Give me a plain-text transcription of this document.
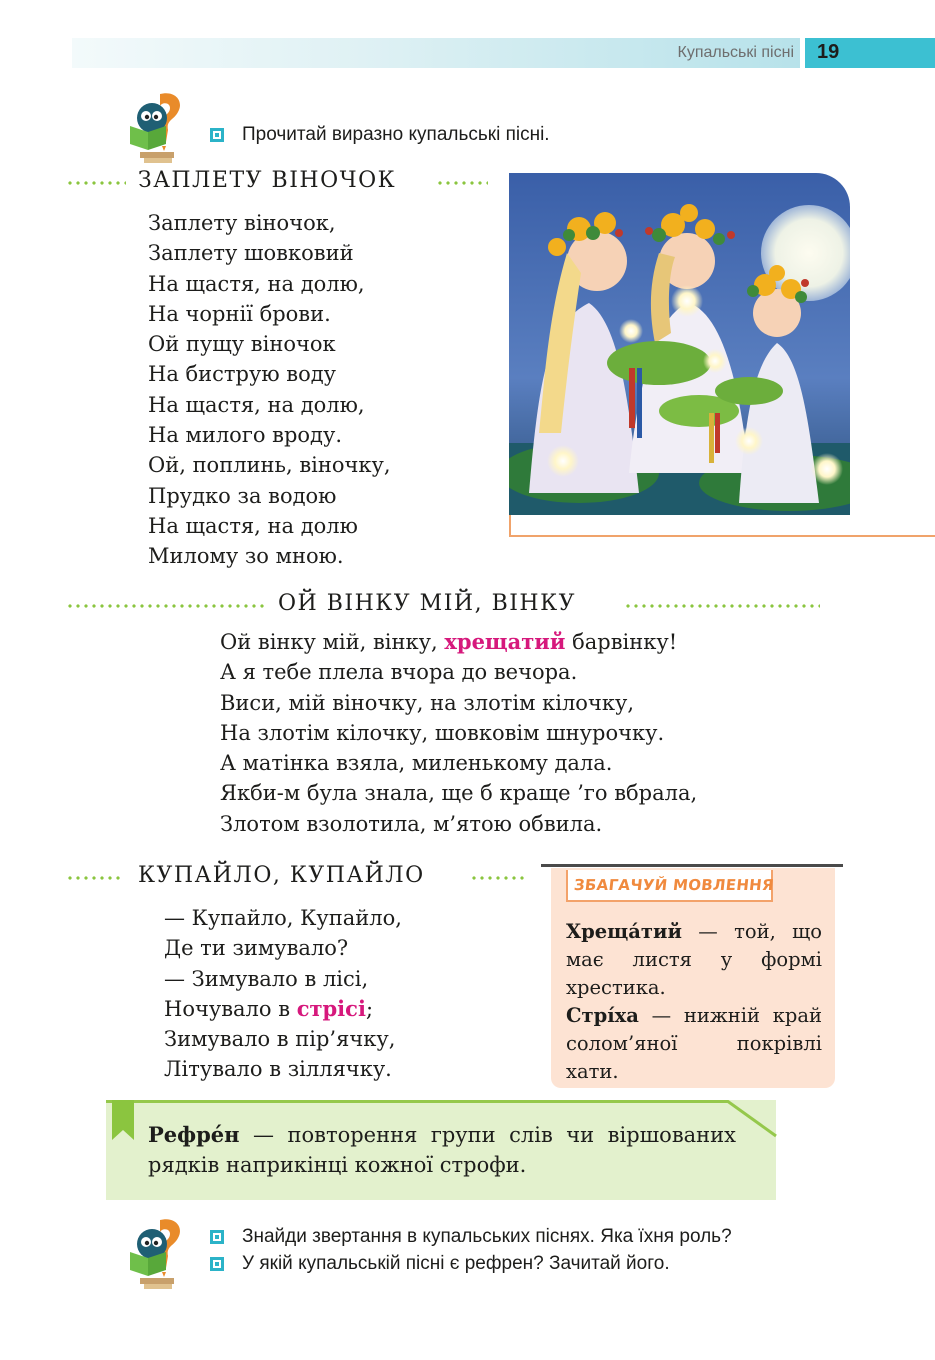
Купальські пісні 19
Прочитай виразно купальські пісні.
ЗАПЛЕТУ ВІНОЧОК
Заплету віночок,
Заплету шовковий
На щастя, на долю,
На чорнії брови.
Ой пущу віночок
На биструю воду
На щастя, на долю,
На милого вроду.
Ой, поплинь, віночку,
Прудко за водою
На щастя, на долю
Милому зо мною.
ОЙ ВІНКУ МІЙ, ВІНКУ
Ой вінку мій, вінку, хрещатий барвінку!
А я тебе плела вчора до вечора.
Виси, мій віночку, на злотім кілочку,
На злотім кілочку, шовковім шнурочку.
А матінка взяла, миленькому дала.
Якби-м була знала, ще б краще ’го вбрала,
Злотом взолотила, м’ятою обвила.
КУПАЙЛО, КУПАЙЛО
— Купайло, Купайло,
Де ти зимувало?
— Зимувало в лісі,
Ночувало в стрісі;
Зимувало в пір’ячку,
Літувало в зіллячку.
ЗБАГАЧУЙ МОВЛЕННЯ

Хреща́тий — той, що має листя у формі хрестика.

Стрі́ха — нижній край солом’яної покрівлі хати.

Рефре́н — повторення групи слів чи віршованих рядків наприкінці кожної строфи.
Знайди звертання в купальських піснях. Яка їхня роль?
У якій купальській пісні є рефрен? Зачитай його.
